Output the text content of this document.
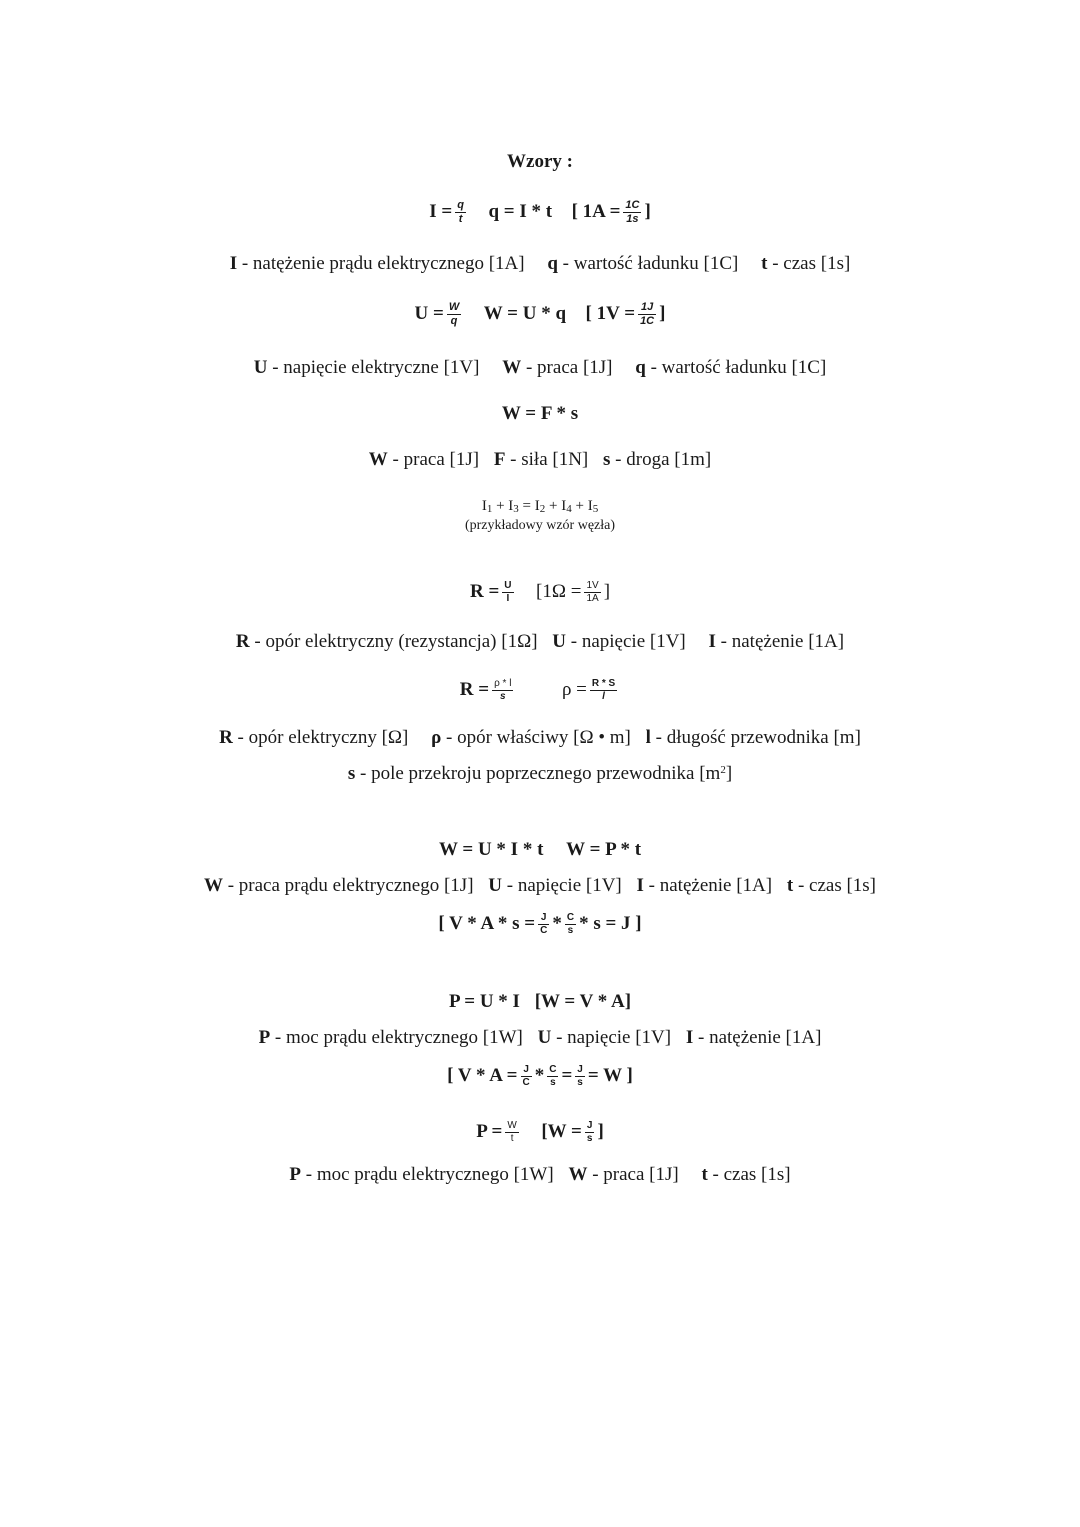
Wzory :
$I = \frac{q}{t}$ q = I * t [ $1A = \frac{1C}{1s}$ ]
I - natężenie prądu elektrycznego [1A] q - wartość ładunku [1C] t - czas [1s]
$U = \frac{W}{q}$ W = U * q [ $1V = \frac{1J}{1C}$ ]
U - napięcie elektryczne [1V] W - praca [1J] q - wartość ładunku [1C]
W = F * s
W - praca [1J] F - siła [1N] s - droga [1m]
I1 + I3 = I2 + I4 + I5
(przykładowy wzór węzła)
$R = \frac{U}{I} [1\Omega = \frac{1V}{1A}$ ]
R - opór elektryczny (rezystancja) [1Ω] U - napięcie [1V] I - natężenie [1A]
$R = \frac{\rho * l}{s}$	$\rho = \frac{R * S}{l}$
R - opór elektryczny [Ω] ρ - opór właściwy [Ω • m] l - długość przewodnika [m]
s - pole przekroju poprzecznego przewodnika $[m^2]$
W = U * I * t W = P * t
W - praca prądu elektrycznego [1J] U - napięcie [1V] I - natężenie [1A] t - czas [1s]
[ $V * A * s = \frac{J}{C} * \frac{C}{s} * s = J$ ]
P = U * I [W = V * A]
P - moc prądu elektrycznego [1W] U - napięcie [1V] I - natężenie [1A]
[ $V * A = \frac{J}{C} * \frac{C}{s} = \frac{J}{s} = W$ ]
$P = \frac{W}{t} [W = \frac{J}{s}$ ]
P - moc prądu elektrycznego [1W] W - praca [1J] t - czas [1s]
